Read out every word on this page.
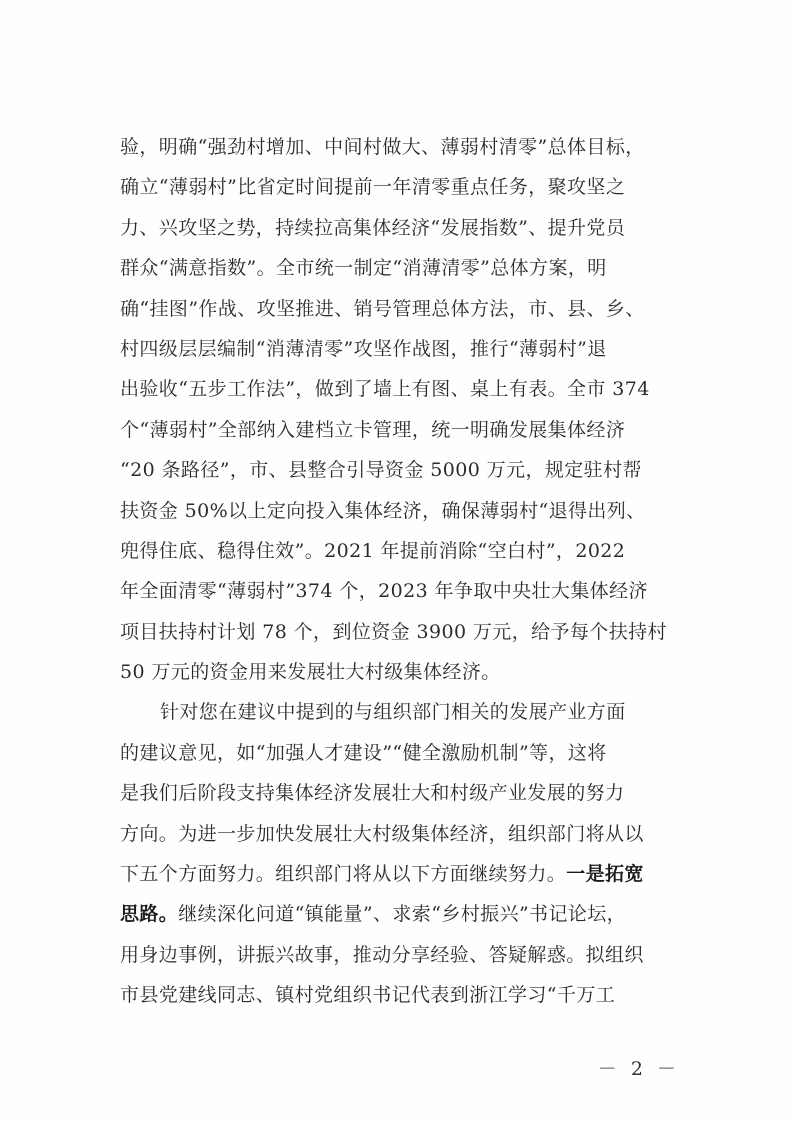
验，明确“强劲村增加、中间村做大、薄弱村清零”总体目标，
确立“薄弱村”比省定时间提前一年清零重点任务，聚攻坚之
力、兴攻坚之势，持续拉高集体经济“发展指数”、提升党员
群众“满意指数”。全市统一制定“消薄清零”总体方案，明
确“挂图”作战、攻坚推进、销号管理总体方法，市、县、乡、
村四级层层编制“消薄清零”攻坚作战图，推行“薄弱村”退
出验收“五步工作法”，做到了墙上有图、桌上有表。全市 374
个“薄弱村”全部纳入建档立卡管理，统一明确发展集体经济
“20 条路径”，市、县整合引导资金 5000 万元，规定驻村帮
扶资金 50%以上定向投入集体经济，确保薄弱村“退得出列、
兜得住底、稳得住效”。2021 年提前消除“空白村”，2022
年全面清零“薄弱村”374 个，2023 年争取中央壮大集体经济
项目扶持村计划 78 个，到位资金 3900 万元，给予每个扶持村
50 万元的资金用来发展壮大村级集体经济。
针对您在建议中提到的与组织部门相关的发展产业方面
的建议意见，如“加强人才建设”“健全激励机制”等，这将
是我们后阶段支持集体经济发展壮大和村级产业发展的努力
方向。为进一步加快发展壮大村级集体经济，组织部门将从以
下五个方面努力。组织部门将从以下方面继续努力。一是拓宽
思路。继续深化问道“镇能量”、求索“乡村振兴”书记论坛，
用身边事例，讲振兴故事，推动分享经验、答疑解惑。拟组织
市县党建线同志、镇村党组织书记代表到浙江学习“千万工
－ 2 －
